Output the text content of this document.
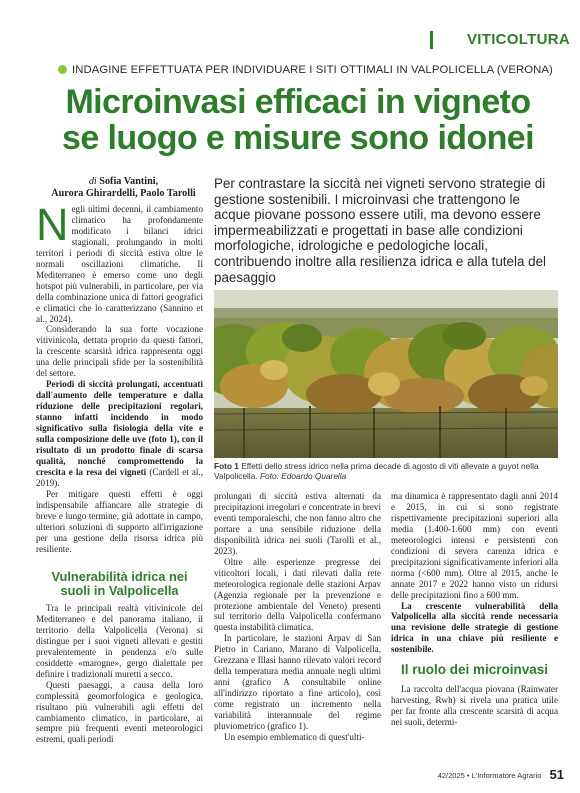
VITICOLTURA
INDAGINE EFFETTUATA PER INDIVIDUARE I SITI OTTIMALI IN VALPOLICELLA (VERONA)
Microinvasi efficaci in vigneto
se luogo e misure sono idonei
di Sofia Vantini,
Aurora Ghirardelli, Paolo Tarolli
Per contrastare la siccità nei vigneti servono strategie di gestione sostenibili. I microinvasi che trattengono le acque piovane possono essere utili, ma devono essere impermeabilizzati e progettati in base alle condizioni morfologiche, idrologiche e pedologiche locali, contribuendo inoltre alla resilienza idrica e alla tutela del paesaggio
Foto 1 Effetti dello stress idrico nella prima decade di agosto di viti allevate a guyot nella Valpolicella. Foto: Edoardo Quarella
N egli ultimi decenni, il cambiamento climatico ha profondamente modificato i bilanci idrici stagionali, prolungando in molti territori i periodi di siccità estiva oltre le normali oscillazioni climatiche. Il Mediterraneo è emerso come uno degli hotspot più vulnerabili, in particolare, per via della combinazione unica di fattori geografici e climatici che lo caratterizzano (Sannino et al., 2024).

Considerando la sua forte vocazione vitivinicola, dettata proprio da questi fattori, la crescente scarsità idrica rappresenta oggi una delle principali sfide per la sostenibilità del settore.

Periodi di siccità prolungati, accentuati dall'aumento delle temperature e dalla riduzione delle precipitazioni regolari, stanno infatti incidendo in modo significativo sulla fisiologia della vite e sulla composizione delle uve (foto 1), con il risultato di un prodotto finale di scarsa qualità, nonché compromettendo la crescita e la resa dei vigneti (Cardell et al., 2019).

Per mitigare questi effetti è oggi indispensabile affiancare alle strategie di breve e lungo termine, già adottate in campo, ulteriori soluzioni di supporto all'irrigazione per una gestione della risorsa idrica più resiliente.

Vulnerabilità idrica nei suoli in Valpolicella

Tra le principali realtà vitivinicole del Mediterraneo e del panorama italiano, il territorio della Valpolicella (Verona) si distingue per i suoi vigneti allevati e gestiti prevalentemente in pendenza e/o sulle cosiddette «marogne», gergo dialettale per definire i tradizionali muretti a secco.

Questi paesaggi, a causa della loro complessità geomorfologica e geologica, risultano più vulnerabili agli effetti del cambiamento climatico, in particolare, ai sempre più frequenti eventi meteorologici estremi, quali periodi

prolungati di siccità estiva alternati da precipitazioni irregolari e concentrate in brevi eventi temporaleschi, che non fanno altro che portare a una sensibile riduzione della disponibilità idrica nei suoli (Tarolli et al., 2023).

Oltre alle esperienze pregresse dei viticoltori locali, i dati rilevati dalla rete meteorologica regionale delle stazioni Arpav (Agenzia regionale per la prevenzione e protezione ambientale del Veneto) presenti sul territorio della Valpolicella confermano questa instabilità climatica.

In particolare, le stazioni Arpav di San Pietro in Cariano, Marano di Valpolicella, Grezzana e Illasi hanno rilevato valori record della temperatura media annuale negli ultimi anni (grafico A consultabile online all'indirizzo riportato a fine articolo), così come registrato un incremento nella variabilità interannuale del regime pluviometrico (grafico 1).

Un esempio emblematico di quest'ulti-

ma dinamica è rappresentato dagli anni 2014 e 2015, in cui si sono registrate rispettivamente precipitazioni superiori alla media (1.400-1.600 mm) con eventi meteorologici intensi e persistenti con condizioni di severa carenza idrica e precipitazioni significativamente inferiori alla norma (<600 mm). Oltre al 2015, anche le annate 2017 e 2022 hanno visto un ridursi delle precipitazioni fino a 600 mm.

La crescente vulnerabilità della Valpolicella alla siccità rende necessaria una revisione delle strategie di gestione idrica in una chiave più resiliente e sostenibile.

Il ruolo dei microinvasi

La raccolta dell'acqua piovana (Rainwater harvesting, Rwh) si rivela una pratica utile per far fronte alla crescente scarsità di acqua nei suoli, determi-

42/2025 • L'Informatore Agrario 51
